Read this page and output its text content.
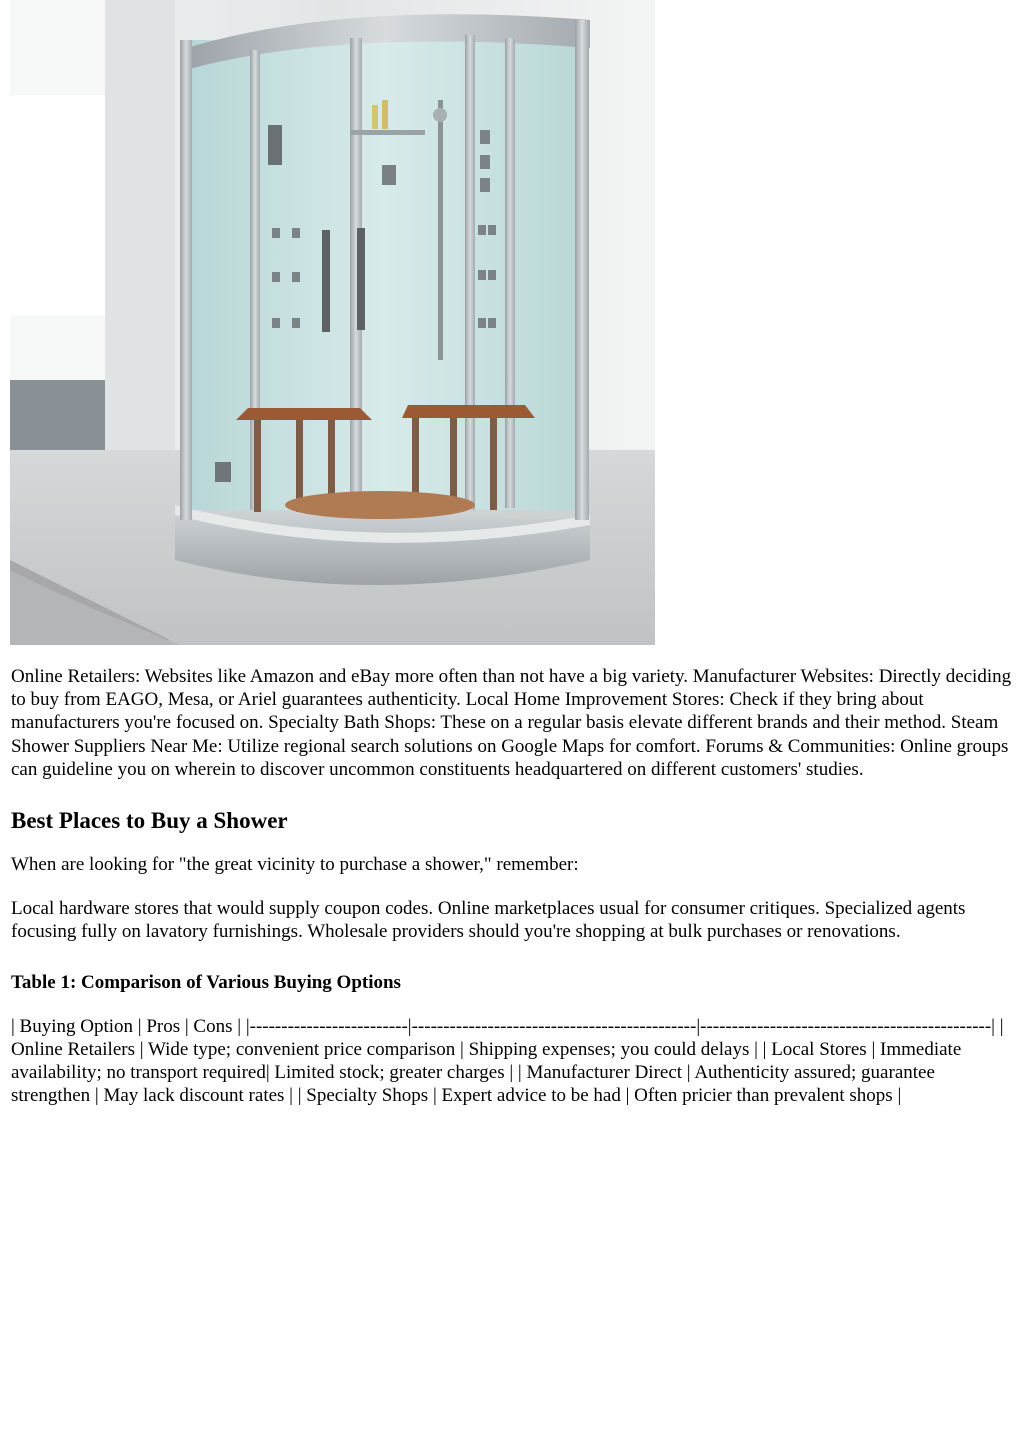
Online Retailers: Websites like Amazon and eBay more often than not have a big variety. Manufacturer Websites: Directly deciding to buy from EAGO, Mesa, or Ariel guarantees authenticity. Local Home Improvement Stores: Check if they bring about manufacturers you're focused on. Specialty Bath Shops: These on a regular basis elevate different brands and their method. Steam Shower Suppliers Near Me: Utilize regional search solutions on Google Maps for comfort. Forums & Communities: Online groups can guideline you on wherein to discover uncommon constituents headquartered on different customers' studies.

Best Places to Buy a Shower

When are looking for "the great vicinity to purchase a shower," remember:

Local hardware stores that would supply coupon codes. Online marketplaces usual for consumer critiques. Specialized agents focusing fully on lavatory furnishings. Wholesale providers should you're shopping at bulk purchases or renovations.

Table 1: Comparison of Various Buying Options

| Buying Option | Pros | Cons | |-------------------------|---------------------------------------------|----------------------------------------------| | Online Retailers | Wide type; convenient price comparison | Shipping expenses; you could delays | | Local Stores | Immediate availability; no transport required| Limited stock; greater charges | | Manufacturer Direct | Authenticity assured; guarantee strengthen | May lack discount rates | | Specialty Shops | Expert advice to be had | Often pricier than prevalent shops |
